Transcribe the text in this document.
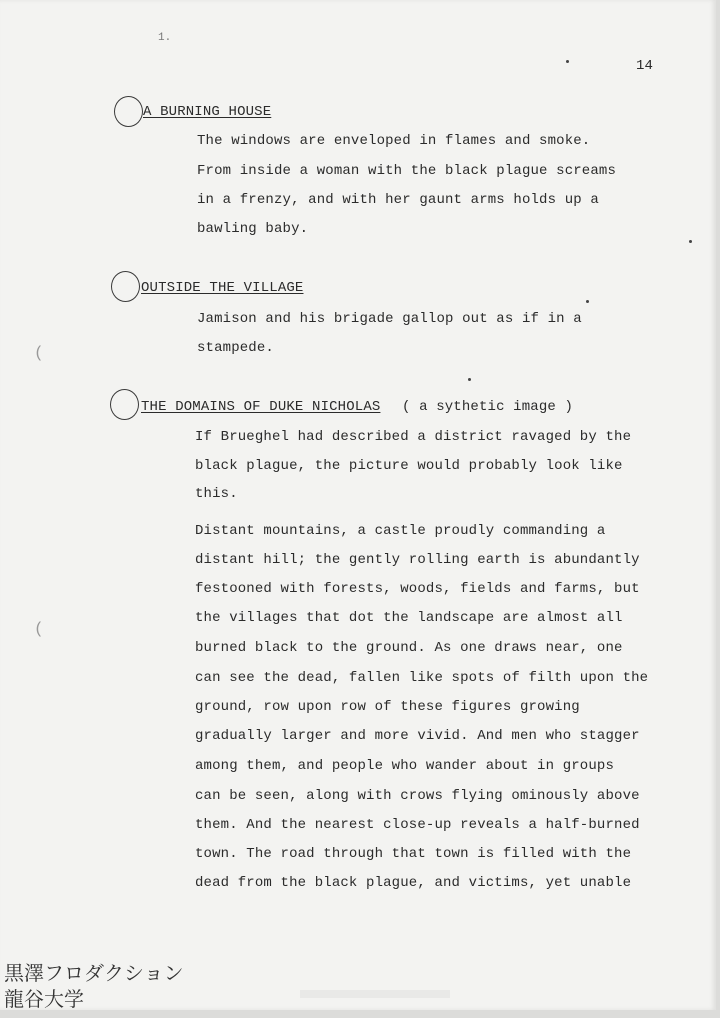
1.
14
A BURNING HOUSE
The windows are enveloped in flames and smoke.
From inside a woman with the black plague screams
in a frenzy, and with her gaunt arms holds up a
bawling baby.
OUTSIDE THE VILLAGE
Jamison and his brigade gallop out as if in a
stampede.
THE DOMAINS OF DUKE NICHOLAS ( a sythetic image )
If Brueghel had described a district ravaged by the
black plague, the picture would probably look like
this.
Distant mountains, a castle proudly commanding a
distant hill; the gently rolling earth is abundantly
festooned with forests, woods, fields and farms, but
the villages that dot the landscape are almost all
burned black to the ground. As one draws near, one
can see the dead, fallen like spots of filth upon the
ground, row upon row of these figures growing
gradually larger and more vivid. And men who stagger
among them, and people who wander about in groups
can be seen, along with crows flying ominously above
them. And the nearest close-up reveals a half-burned
town. The road through that town is filled with the
dead from the black plague, and victims, yet unable
(
(
黒澤フロダクション
龍谷大学
